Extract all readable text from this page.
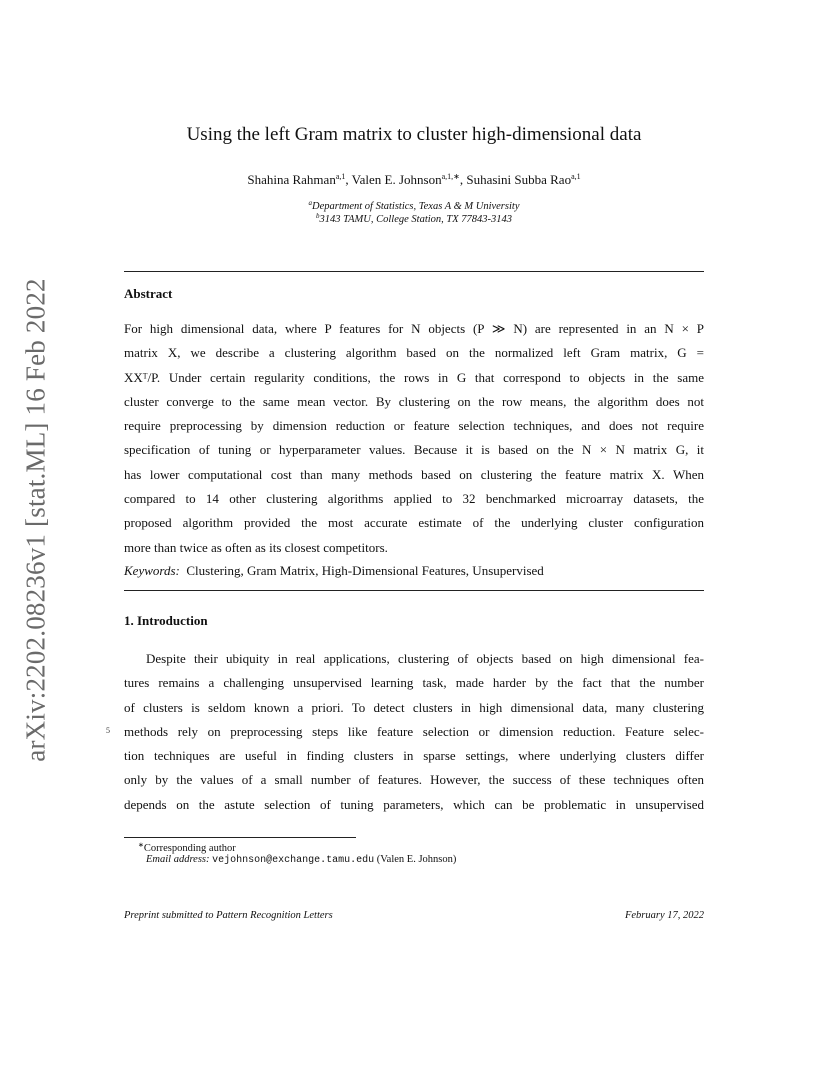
arXiv:2202.08236v1 [stat.ML] 16 Feb 2022
Using the left Gram matrix to cluster high-dimensional data
Shahina Rahman$^{a,1}$, Valen E. Johnson$^{a,1,∗}$, Suhasini Subba Rao$^{a,1}$
$^a$Department of Statistics, Texas A & M University
$^b$3143 TAMU, College Station, TX 77843-3143
Abstract
For high dimensional data, where P features for N objects (P ≫ N) are represented in an N × P
matrix X, we describe a clustering algorithm based on the normalized left Gram matrix, G =
XXᵀ/P. Under certain regularity conditions, the rows in G that correspond to objects in the same
cluster converge to the same mean vector. By clustering on the row means, the algorithm does not
require preprocessing by dimension reduction or feature selection techniques, and does not require
specification of tuning or hyperparameter values. Because it is based on the N × N matrix G, it
has lower computational cost than many methods based on clustering the feature matrix X. When
compared to 14 other clustering algorithms applied to 32 benchmarked microarray datasets, the
proposed algorithm provided the most accurate estimate of the underlying cluster configuration
more than twice as often as its closest competitors.
Keywords: Clustering, Gram Matrix, High-Dimensional Features, Unsupervised
1. Introduction
5
Despite their ubiquity in real applications, clustering of objects based on high dimensional fea-
tures remains a challenging unsupervised learning task, made harder by the fact that the number
of clusters is seldom known a priori. To detect clusters in high dimensional data, many clustering
methods rely on preprocessing steps like feature selection or dimension reduction. Feature selec-
tion techniques are useful in finding clusters in sparse settings, where underlying clusters differ
only by the values of a small number of features. However, the success of these techniques often
depends on the astute selection of tuning parameters, which can be problematic in unsupervised
∗Corresponding author
Email address: vejohnson@exchange.tamu.edu (Valen E. Johnson)
Preprint submitted to Pattern Recognition Letters	February 17, 2022
